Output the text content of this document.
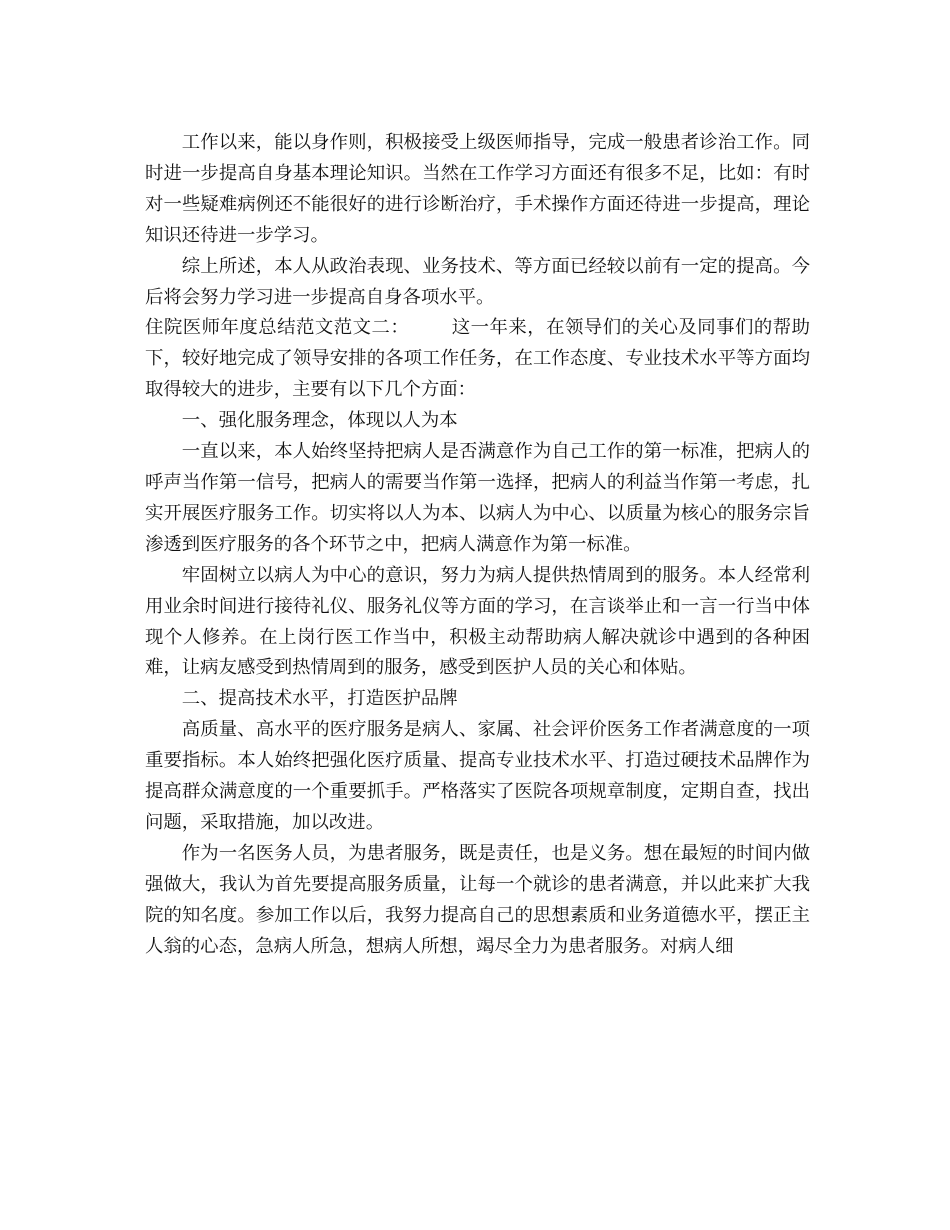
工作以来，能以身作则，积极接受上级医师指导，完成一般患者诊治工作。同时进一步提高自身基本理论知识。当然在工作学习方面还有很多不足，比如：有时对一些疑难病例还不能很好的进行诊断治疗，手术操作方面还待进一步提高，理论知识还待进一步学习。

综上所述，本人从政治表现、业务技术、等方面已经较以前有一定的提高。今后将会努力学习进一步提高自身各项水平。

住院医师年度总结范文范文二： 这一年来，在领导们的关心及同事们的帮助下，较好地完成了领导安排的各项工作任务，在工作态度、专业技术水平等方面均取得较大的进步，主要有以下几个方面：

一、强化服务理念，体现以人为本

一直以来，本人始终坚持把病人是否满意作为自己工作的第一标准，把病人的呼声当作第一信号，把病人的需要当作第一选择，把病人的利益当作第一考虑，扎实开展医疗服务工作。切实将以人为本、以病人为中心、以质量为核心的服务宗旨渗透到医疗服务的各个环节之中，把病人满意作为第一标准。

牢固树立以病人为中心的意识，努力为病人提供热情周到的服务。本人经常利用业余时间进行接待礼仪、服务礼仪等方面的学习，在言谈举止和一言一行当中体现个人修养。在上岗行医工作当中，积极主动帮助病人解决就诊中遇到的各种困难，让病友感受到热情周到的服务，感受到医护人员的关心和体贴。

二、提高技术水平，打造医护品牌

高质量、高水平的医疗服务是病人、家属、社会评价医务工作者满意度的一项重要指标。本人始终把强化医疗质量、提高专业技术水平、打造过硬技术品牌作为提高群众满意度的一个重要抓手。严格落实了医院各项规章制度，定期自查，找出问题，采取措施，加以改进。

作为一名医务人员，为患者服务，既是责任，也是义务。想在最短的时间内做强做大，我认为首先要提高服务质量，让每一个就诊的患者满意，并以此来扩大我院的知名度。参加工作以后，我努力提高自己的思想素质和业务道德水平，摆正主人翁的心态，急病人所急，想病人所想，竭尽全力为患者服务。对病人细
